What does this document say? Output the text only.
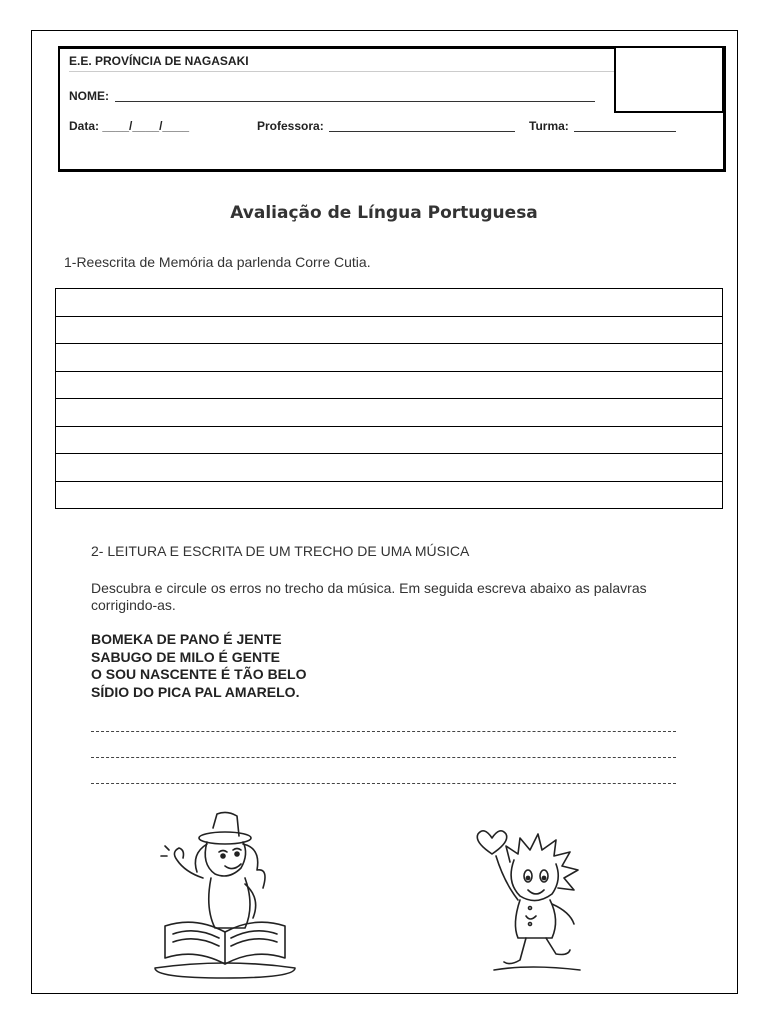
E.E. PROVÍNCIA DE NAGASAKI
NOME:
Data: ____/____/____	Professora:	Turma:
Avaliação de Língua Portuguesa
1-Reescrita de Memória da parlenda Corre Cutia.
2- LEITURA E ESCRITA DE UM TRECHO DE UMA MÚSICA
Descubra e circule os erros no trecho da música. Em seguida escreva abaixo as palavras corrigindo-as.
BOMEKA DE PANO É JENTE
SABUGO DE MILO É GENTE
O SOU NASCENTE É TÃO BELO
SÍDIO DO PICA PAL AMARELO.
